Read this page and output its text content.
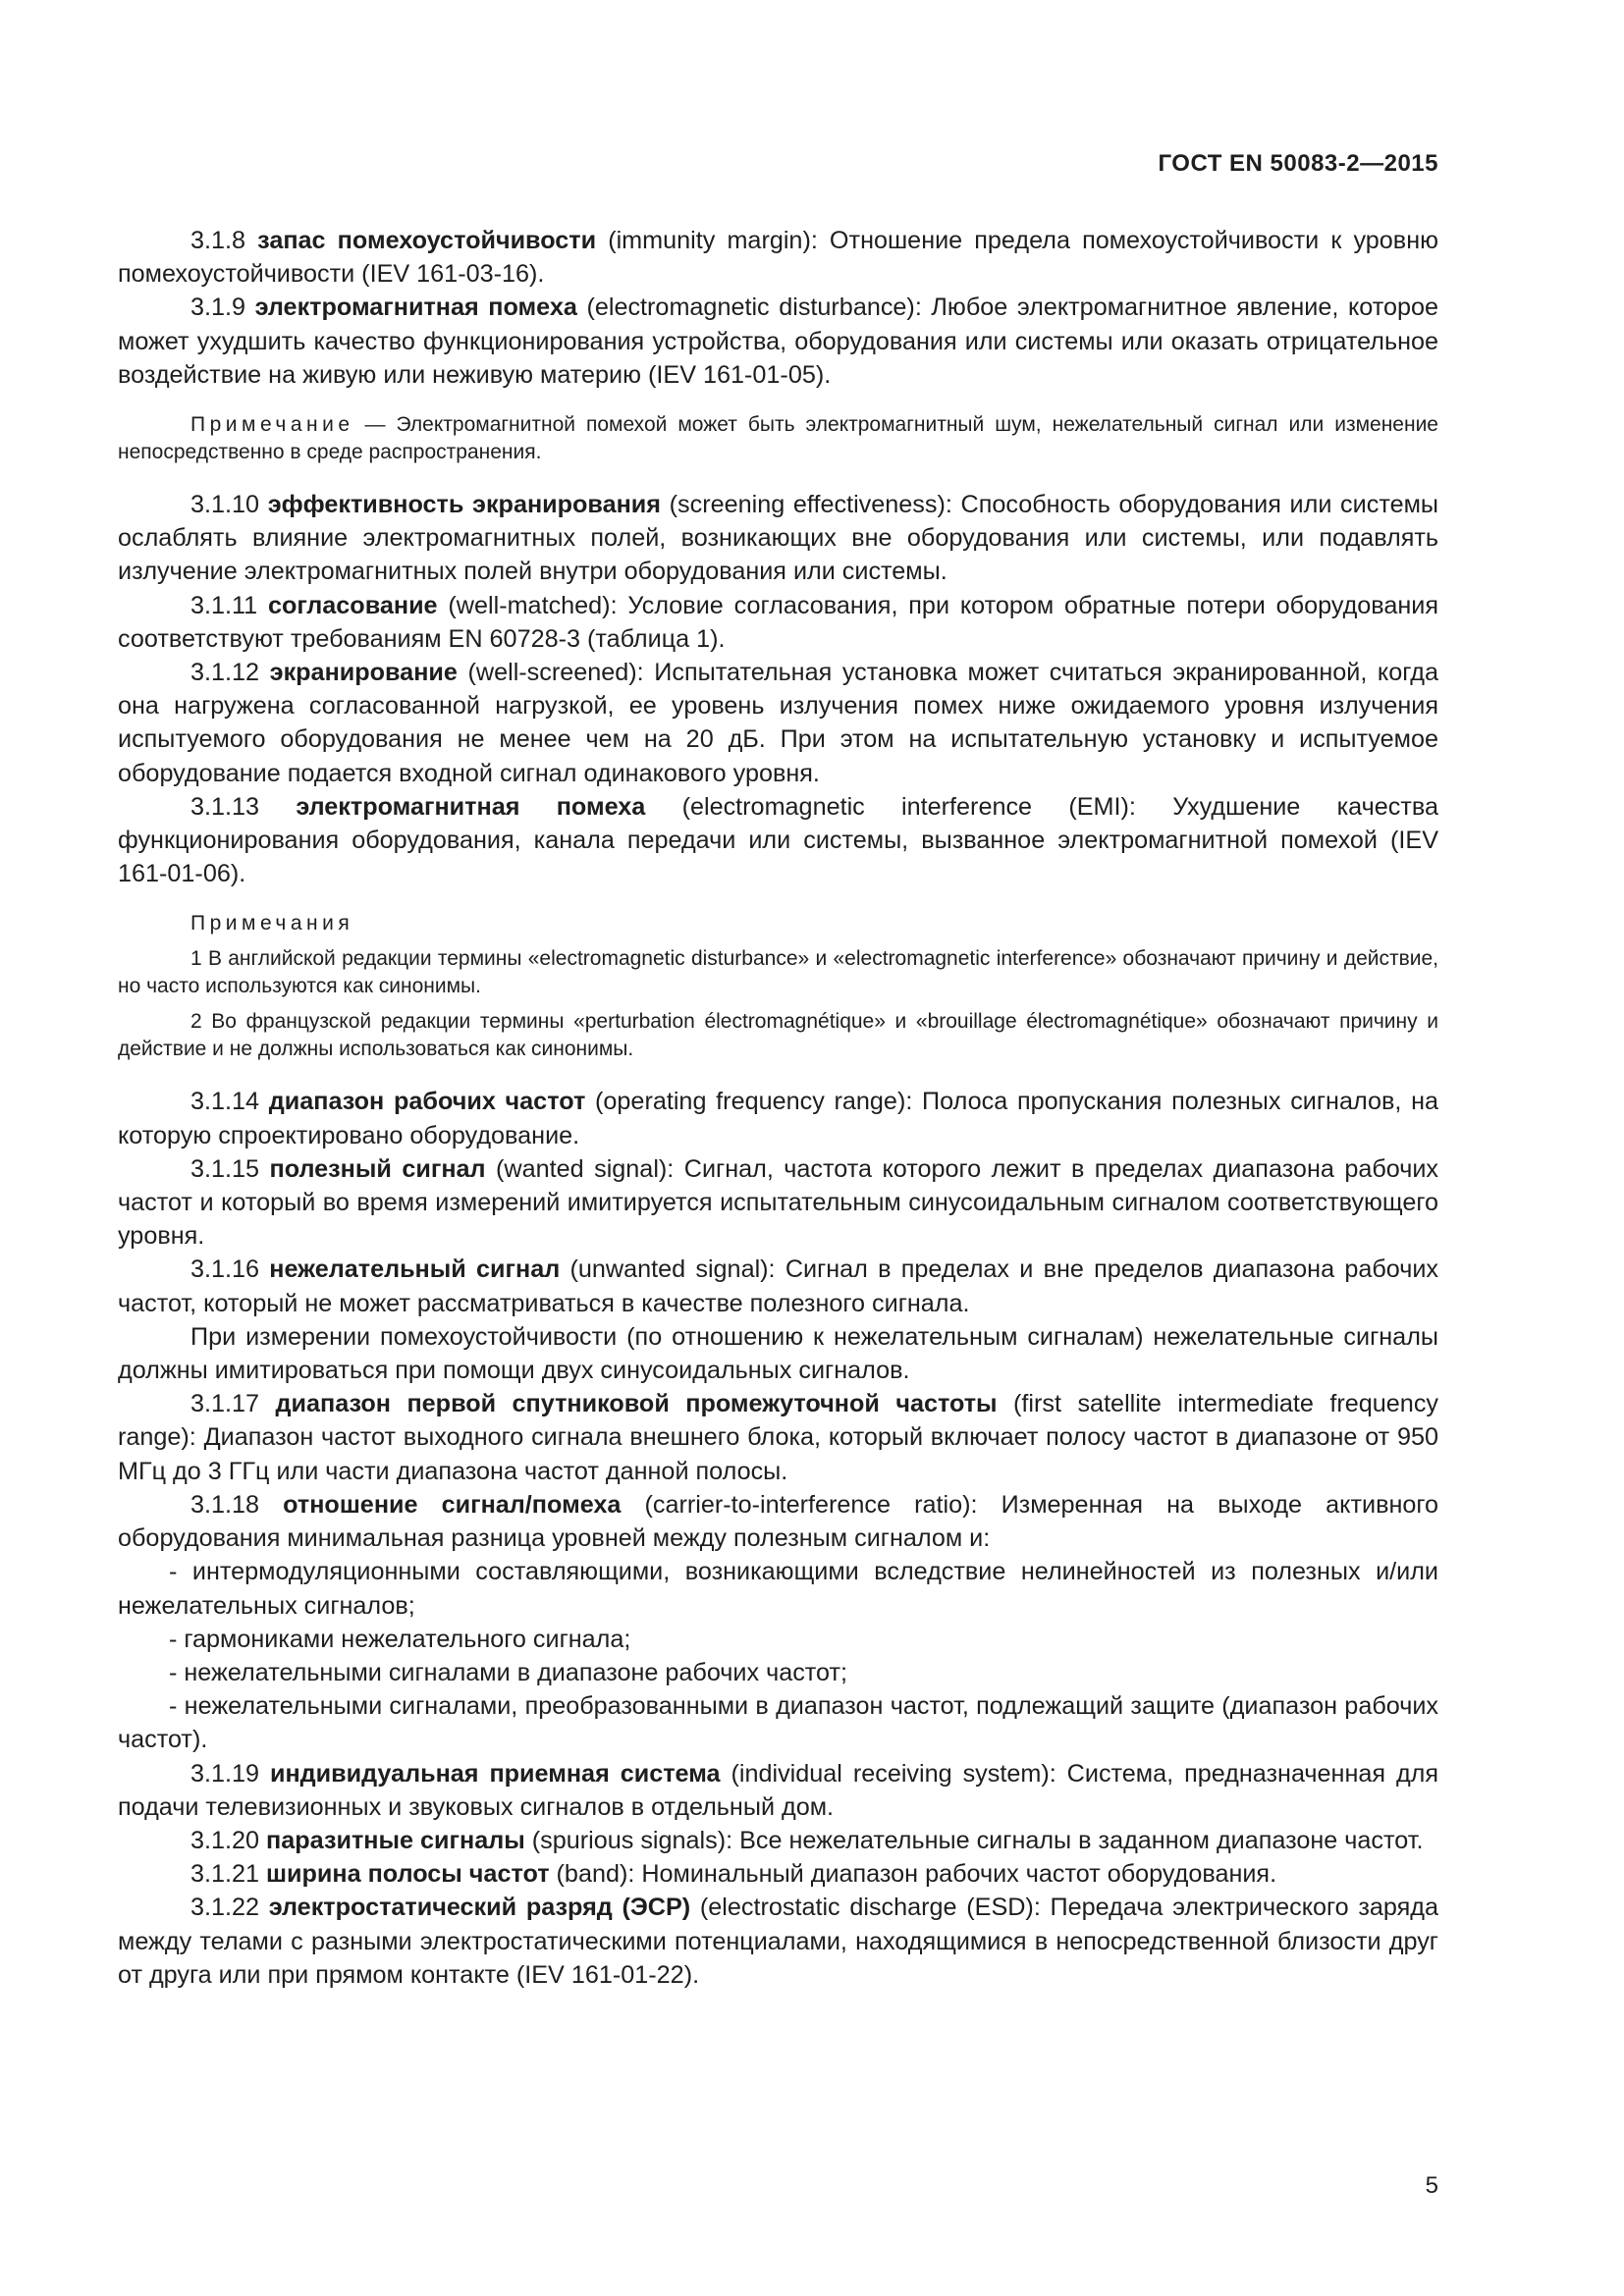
ГОСТ EN 50083-2—2015

3.1.8 запас помехоустойчивости (immunity margin): Отношение предела помехоустойчивости к уровню помехоустойчивости (IEV 161-03-16).

3.1.9 электромагнитная помеха (electromagnetic disturbance): Любое электромагнитное явление, которое может ухудшить качество функционирования устройства, оборудования или системы или оказать отрицательное воздействие на живую или неживую материю (IEV 161-01-05).

Примечание — Электромагнитной помехой может быть электромагнитный шум, нежелательный сигнал или изменение непосредственно в среде распространения.

3.1.10 эффективность экранирования (screening effectiveness): Способность оборудования или системы ослаблять влияние электромагнитных полей, возникающих вне оборудования или системы, или подавлять излучение электромагнитных полей внутри оборудования или системы.

3.1.11 согласование (well-matched): Условие согласования, при котором обратные потери оборудования соответствуют требованиям EN 60728-3 (таблица 1).

3.1.12 экранирование (well-screened): Испытательная установка может считаться экранированной, когда она нагружена согласованной нагрузкой, ее уровень излучения помех ниже ожидаемого уровня излучения испытуемого оборудования не менее чем на 20 дБ. При этом на испытательную установку и испытуемое оборудование подается входной сигнал одинакового уровня.

3.1.13 электромагнитная помеха (electromagnetic interference (EMI): Ухудшение качества функционирования оборудования, канала передачи или системы, вызванное электромагнитной помехой (IEV 161-01-06).

Примечания

1 В английской редакции термины «electromagnetic disturbance» и «electromagnetic interference» обозначают причину и действие, но часто используются как синонимы.

2 Во французской редакции термины «perturbation électromagnétique» и «brouillage électromagnétique» обозначают причину и действие и не должны использоваться как синонимы.

3.1.14 диапазон рабочих частот (operating frequency range): Полоса пропускания полезных сигналов, на которую спроектировано оборудование.

3.1.15 полезный сигнал (wanted signal): Сигнал, частота которого лежит в пределах диапазона рабочих частот и который во время измерений имитируется испытательным синусоидальным сигналом соответствующего уровня.

3.1.16 нежелательный сигнал (unwanted signal): Сигнал в пределах и вне пределов диапазона рабочих частот, который не может рассматриваться в качестве полезного сигнала.

При измерении помехоустойчивости (по отношению к нежелательным сигналам) нежелательные сигналы должны имитироваться при помощи двух синусоидальных сигналов.

3.1.17 диапазон первой спутниковой промежуточной частоты (first satellite intermediate frequency range): Диапазон частот выходного сигнала внешнего блока, который включает полосу частот в диапазоне от 950 МГц до 3 ГГц или части диапазона частот данной полосы.

3.1.18 отношение сигнал/помеха (carrier-to-interference ratio): Измеренная на выходе активного оборудования минимальная разница уровней между полезным сигналом и:

- интермодуляционными составляющими, возникающими вследствие нелинейностей из полезных и/или нежелательных сигналов;

- гармониками нежелательного сигнала;

- нежелательными сигналами в диапазоне рабочих частот;

- нежелательными сигналами, преобразованными в диапазон частот, подлежащий защите (диапазон рабочих частот).

3.1.19 индивидуальная приемная система (individual receiving system): Система, предназначенная для подачи телевизионных и звуковых сигналов в отдельный дом.

3.1.20 паразитные сигналы (spurious signals): Все нежелательные сигналы в заданном диапазоне частот.

3.1.21 ширина полосы частот (band): Номинальный диапазон рабочих частот оборудования.

3.1.22 электростатический разряд (ЭСР) (electrostatic discharge (ESD): Передача электрического заряда между телами с разными электростатическими потенциалами, находящимися в непосредственной близости друг от друга или при прямом контакте (IEV 161-01-22).

5
